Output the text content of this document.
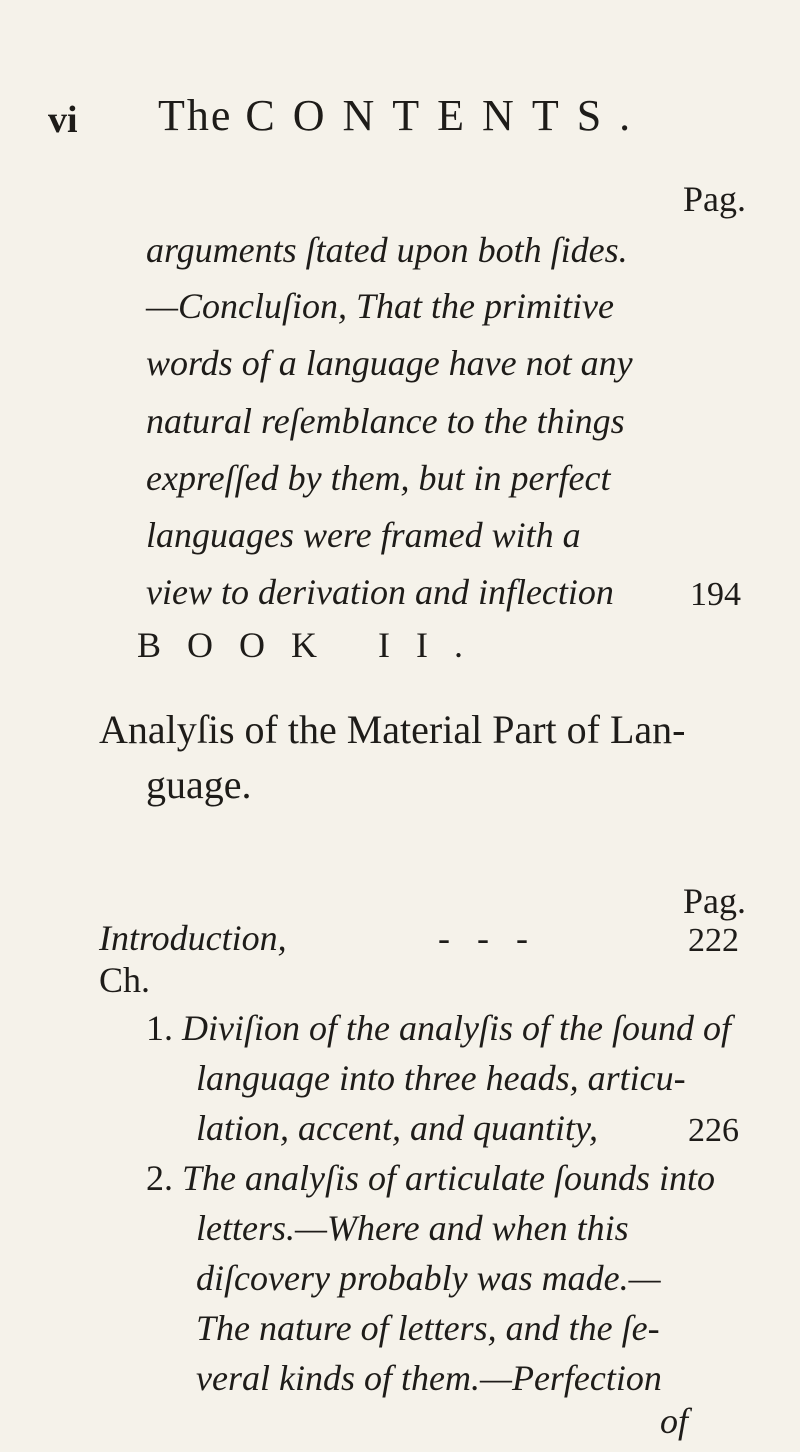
vi The CONTENTS.
Pag.
arguments ſtated upon both ſides.
—Concluſion, That the primitive
words of a language have not any
natural reſemblance to the things
expreſſed by them, but in perfect
languages were framed with a
view to derivation and inflection 194
BOOK II.
Analyſis of the Material Part of Lan-
guage.
Pag.
Introduction,	-   -   -	222
Ch.
1. Diviſion of the analyſis of the ſound of
language into three heads, articu-
lation, accent, and quantity,	226
2. The analyſis of articulate ſounds into
letters.—Where and when this
diſcovery probably was made.—
The nature of letters, and the ſe-
veral kinds of them.—Perfection
of
